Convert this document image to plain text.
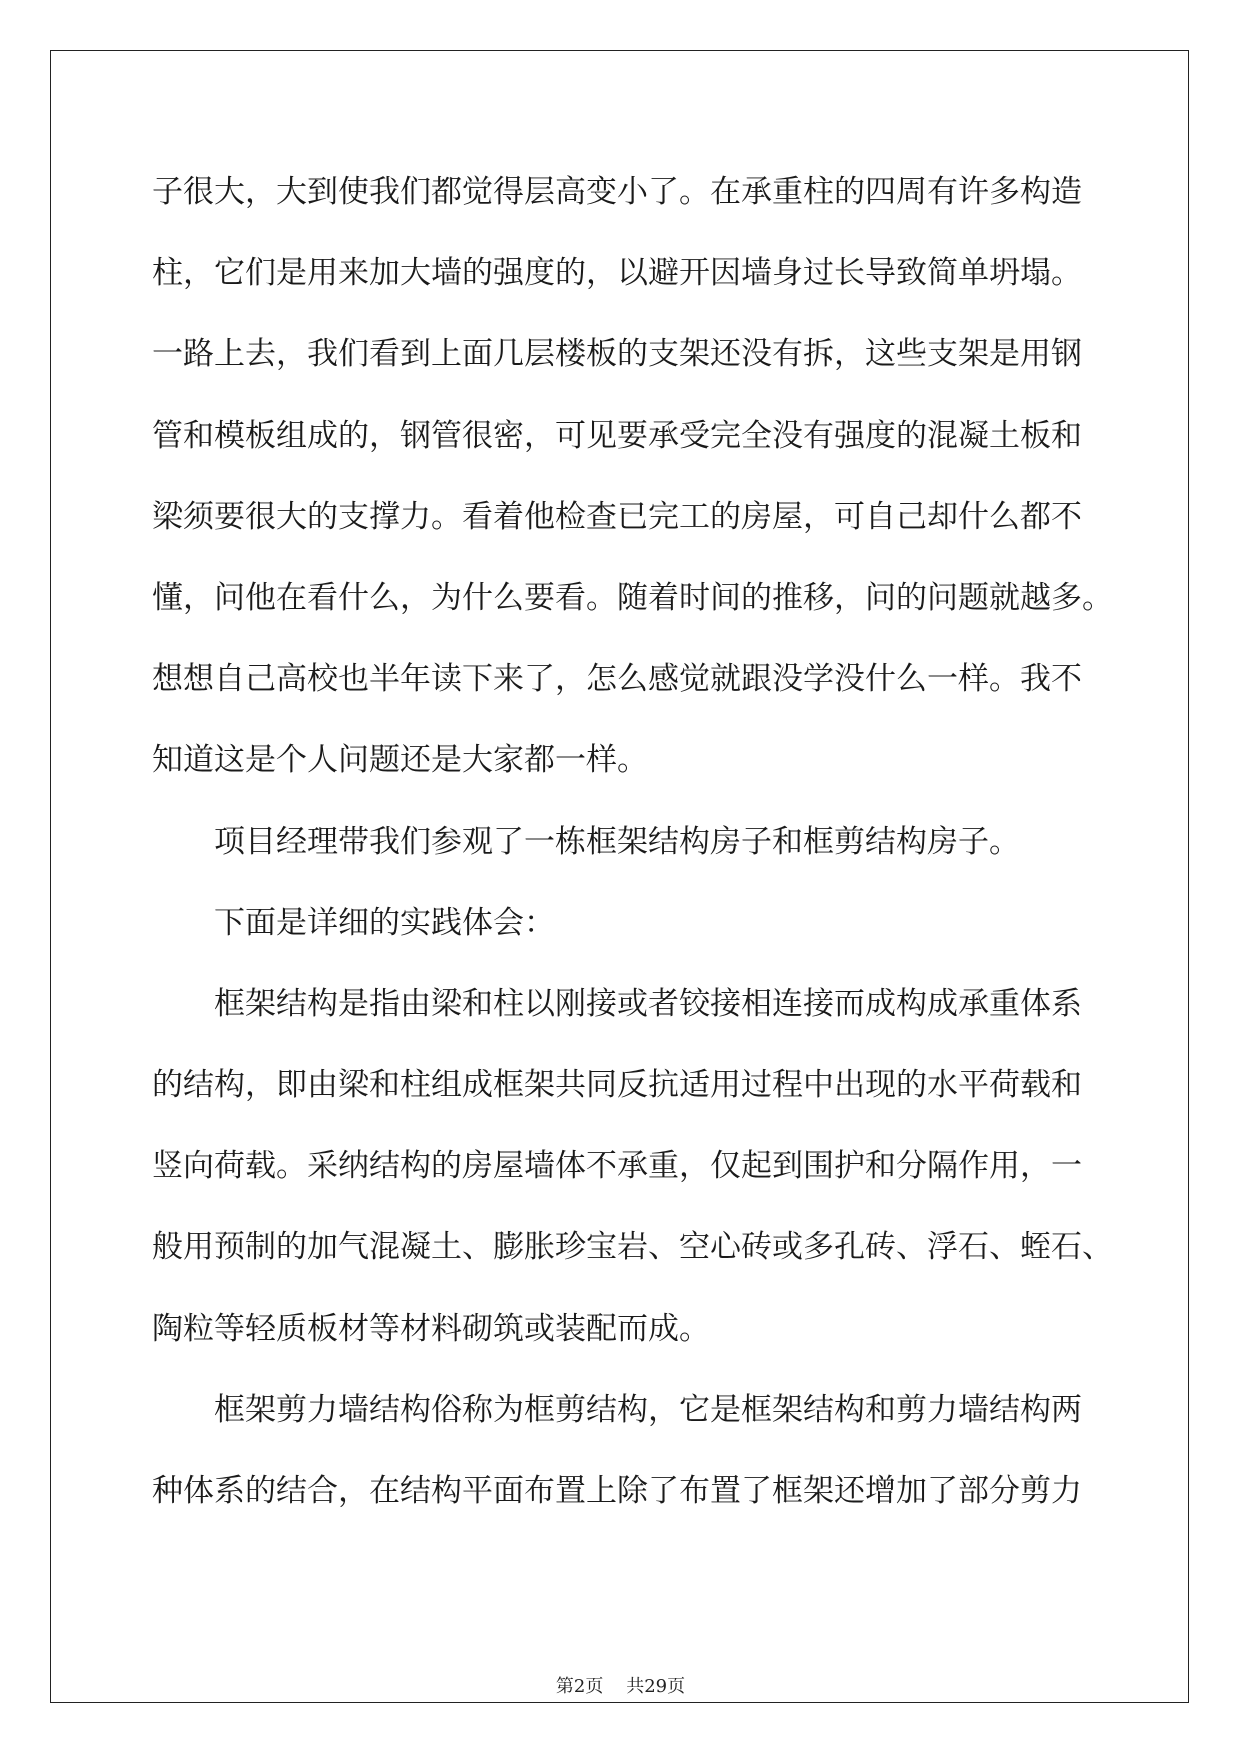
子很大，大到使我们都觉得层高变小了。在承重柱的四周有许多构造
柱，它们是用来加大墙的强度的，以避开因墙身过长导致简单坍塌。
一路上去，我们看到上面几层楼板的支架还没有拆，这些支架是用钢
管和模板组成的，钢管很密，可见要承受完全没有强度的混凝土板和
梁须要很大的支撑力。看着他检查已完工的房屋，可自己却什么都不
懂，问他在看什么，为什么要看。随着时间的推移，问的问题就越多。
想想自己高校也半年读下来了，怎么感觉就跟没学没什么一样。我不
知道这是个人问题还是大家都一样。
项目经理带我们参观了一栋框架结构房子和框剪结构房子。
下面是详细的实践体会：
框架结构是指由梁和柱以刚接或者铰接相连接而成构成承重体系
的结构，即由梁和柱组成框架共同反抗适用过程中出现的水平荷载和
竖向荷载。采纳结构的房屋墙体不承重，仅起到围护和分隔作用，一
般用预制的加气混凝土、膨胀珍宝岩、空心砖或多孔砖、浮石、蛭石、
陶粒等轻质板材等材料砌筑或装配而成。
框架剪力墙结构俗称为框剪结构，它是框架结构和剪力墙结构两
种体系的结合，在结构平面布置上除了布置了框架还增加了部分剪力
第2页 共29页
